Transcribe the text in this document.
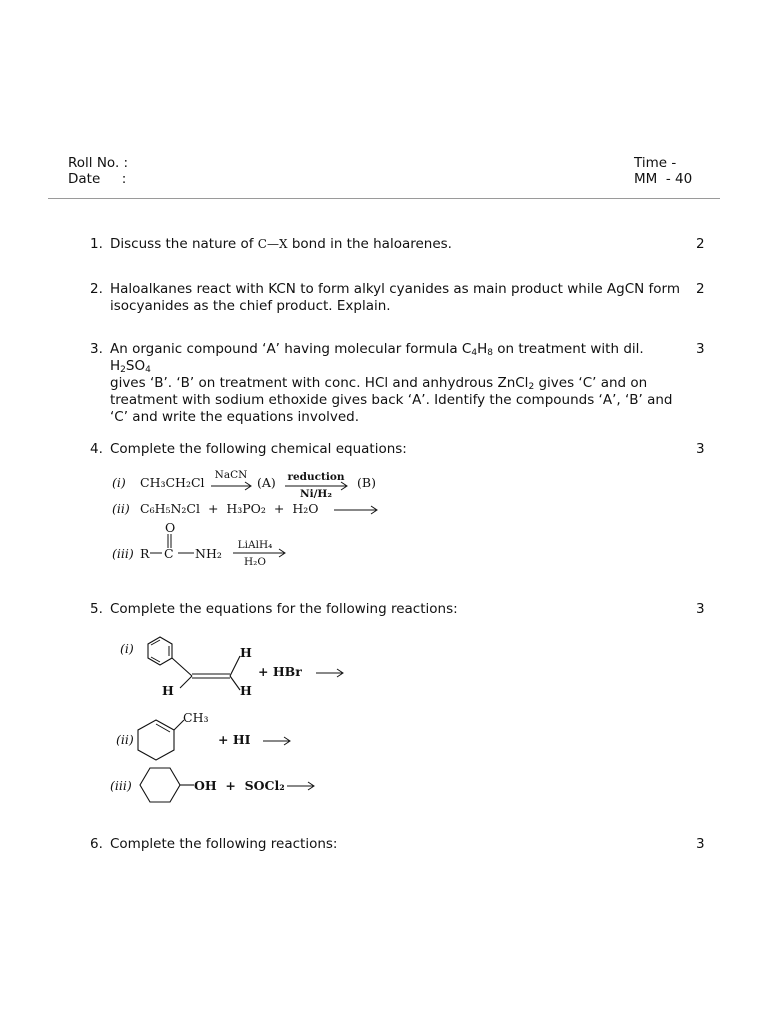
Roll No. :
Date     :
Time -
MM  - 40
1. Discuss the nature of C—X bond in the haloarenes.	2
2. Haloalkanes react with KCN to form alkyl cyanides as main product while AgCN form isocyanides as the chief product. Explain.
2
3. An organic compound ‘A’ having molecular formula $C_4H_8$ on treatment with dil. $H_2SO_4$
gives ‘B’. ‘B’ on treatment with conc. HCl and anhydrous ZnCl$_2$ gives ‘C’ and on treatment with sodium ethoxide gives back ‘A’. Identify the compounds ‘A’, ‘B’ and ‘C’ and write the equations involved.
3
4. Complete the following chemical equations:	3
(i) CH₃CH₂Cl NaCN → (A)	reduction
Ni/H₂
(B)
(ii) C₆H₅N₂Cl  +  H₃PO₂  +  H₂O →
(iii)
O
R C NH₂
LiAlH₄
H₂O
5. Complete the equations for the following reactions:	3
(i)	H
H
H
+ HBr →
(ii)
CH₃
+ HI →
(iii)	OH  +  SOCl₂ →
6. Complete the following reactions:	3
